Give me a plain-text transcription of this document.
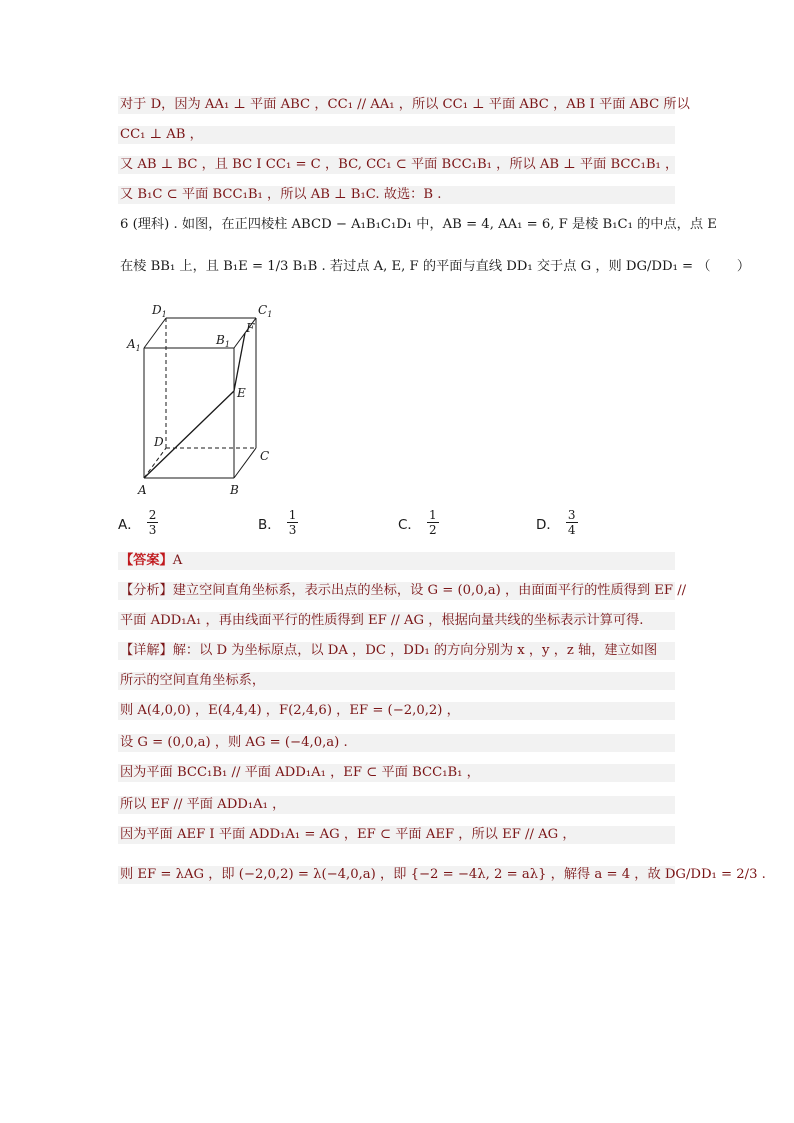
对于 D，因为 AA₁ ⊥ 平面 ABC ，CC₁ // AA₁ ，所以 CC₁ ⊥ 平面 ABC ，AB I 平面 ABC 所以
CC₁ ⊥ AB ，
又 AB ⊥ BC ，且 BC I CC₁ = C ，BC, CC₁ ⊂ 平面 BCC₁B₁ ，所以 AB ⊥ 平面 BCC₁B₁ ，
又 B₁C ⊂ 平面 BCC₁B₁ ，所以 AB ⊥ B₁C. 故选：B .
6 (理科) . 如图，在正四棱柱 ABCD − A₁B₁C₁D₁ 中，AB = 4, AA₁ = 6, F 是棱 B₁C₁ 的中点，点 E
在棱 BB₁ 上，且 B₁E = 1/3 B₁B . 若过点 A, E, F 的平面与直线 DD₁ 交于点 G ，则 DG/DD₁ = （　　）
【答案】A
【分析】建立空间直角坐标系，表示出点的坐标，设 G = (0,0,a) ，由面面平行的性质得到 EF //
平面 ADD₁A₁ ，再由线面平行的性质得到 EF // AG ，根据向量共线的坐标表示计算可得.
【详解】解：以 D 为坐标原点，以 DA ，DC ，DD₁ 的方向分别为 x ，y ，z 轴，建立如图
所示的空间直角坐标系，
则 A(4,0,0) ，E(4,4,4) ，F(2,4,6) ，EF = (−2,0,2) ，
设 G = (0,0,a) ，则 AG = (−4,0,a) .
因为平面 BCC₁B₁ // 平面 ADD₁A₁ ，EF ⊂ 平面 BCC₁B₁ ，
所以 EF // 平面 ADD₁A₁ ，
因为平面 AEF I 平面 ADD₁A₁ = AG ，EF ⊂ 平面 AEF ，所以 EF // AG ，
则 EF = λAG ，即 (−2,0,2) = λ(−4,0,a) ，即 {−2 = −4λ, 2 = aλ} ，解得 a = 4 ，故 DG/DD₁ = 2/3 .
$D_1$	$C_1$
$A_1$
$B_1$
F
E
D
C
A	B
A． $\frac{2}{3}$	B． $\frac{1}{3}$	C． $\frac{1}{2}$	D． $\frac{3}{4}$
